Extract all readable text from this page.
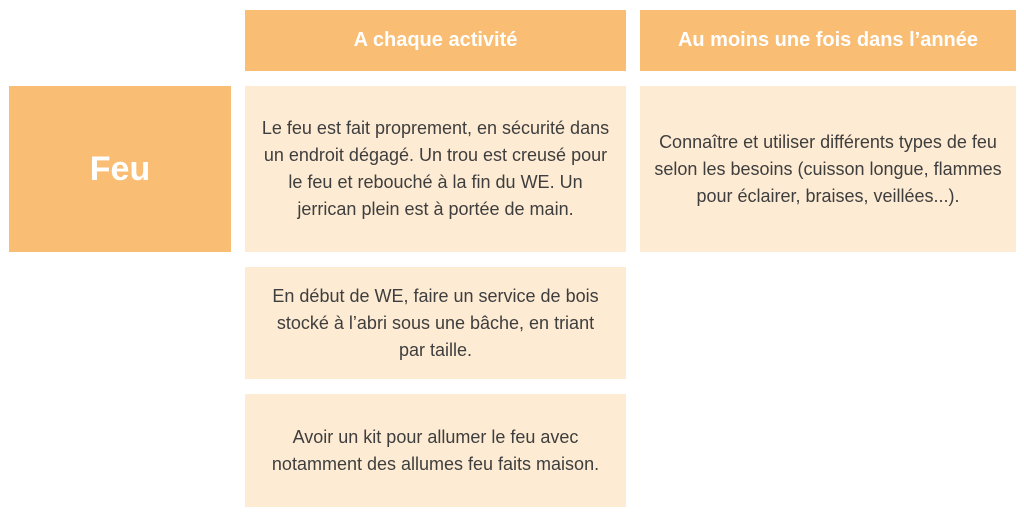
A chaque activité	Au moins une fois dans l’année
Feu
Le feu est fait proprement, en sécurité dans un endroit dégagé. Un trou est creusé pour le feu et rebouché à la fin du WE. Un jerrican plein est à portée de main.
Connaître et utiliser différents types de feu selon les besoins (cuisson longue, flammes pour éclairer, braises, veillées...).
En début de WE, faire un service de bois stocké à l’abri sous une bâche, en triant par taille.
Avoir un kit pour allumer le feu avec notamment des allumes feu faits maison.
